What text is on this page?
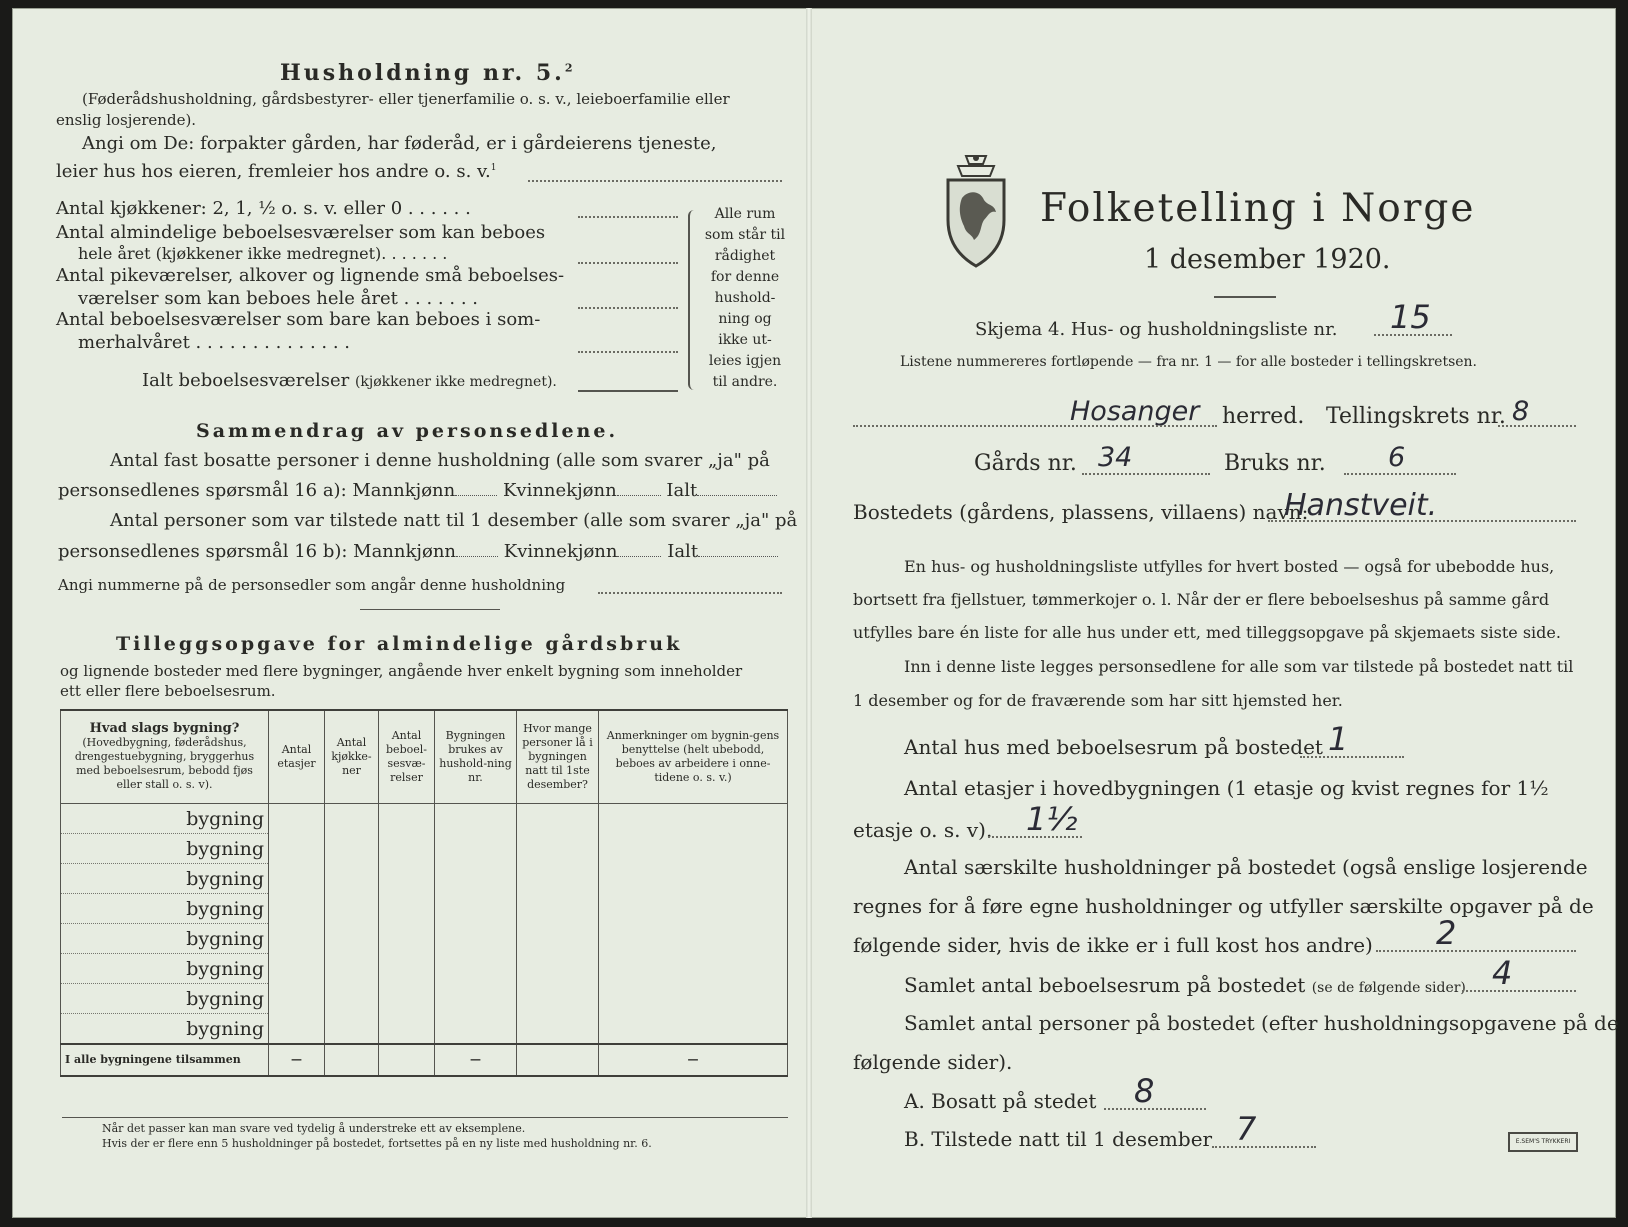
Husholdning nr. 5.$^2$
(Føderådshusholdning, gårdsbestyrer- eller tjenerfamilie o. s. v., leieboerfamilie eller
enslig losjerende).
Angi om De: forpakter gården, har føderåd, er i gårdeierens tjeneste,
leier hus hos eieren, fremleier hos andre o. s. v.$^1$
Antal kjøkkener: 2, 1, ½ o. s. v. eller 0 . . . . . .
Antal almindelige beboelsesværelser som kan beboes
hele året (kjøkkener ikke medregnet). . . . . . .
Antal pikeværelser, alkover og lignende små beboelses-
værelser som kan beboes hele året . . . . . . .
Antal beboelsesværelser som bare kan beboes i som-
merhalvåret . . . . . . . . . . . . . .
Ialt beboelsesværelser (kjøkkener ikke medregnet).
Alle rum
som står til
rådighet
for denne
hushold-
ning og
ikke ut-
leies igjen
til andre.
Sammendrag av personsedlene.
Antal fast bosatte personer i denne husholdning (alle som svarer „ja" på
personsedlenes spørsmål 16 a): Mannkjønn	Kvinnekjønn	Ialt
Antal personer som var tilstede natt til 1 desember (alle som svarer „ja" på
personsedlenes spørsmål 16 b): Mannkjønn	Kvinnekjønn	Ialt
Angi nummerne på de personsedler som angår denne husholdning
Tilleggsopgave for almindelige gårdsbruk
og lignende bosteder med flere bygninger, angående hver enkelt bygning som inneholder
ett eller flere beboelsesrum.
Hvad slags bygning?
(Hovedbygning, føderådshus, drengestuebygning, bryggerhus med beboelsesrum, bebodd fjøs eller stall o. s. v).	Antal etasjer	Antal kjøkke-ner	Antal beboel-sesvæ-relser	Bygningen brukes av hushold-ning nr.	Hvor mange personer lå i bygningen natt til 1ste desember?	Anmerkninger om bygnin-gens benyttelse (helt ubebodd, beboes av arbeidere i onne-tidene o. s. v.)
bygning						
bygning						
bygning						
bygning						
bygning						
bygning						
bygning						
bygning						
I alle bygningene tilsammen	—			—		—
Når det passer kan man svare ved tydelig å understreke ett av eksemplene.
Hvis der er flere enn 5 husholdninger på bostedet, fortsettes på en ny liste med husholdning nr. 6.
Folketelling i Norge
1 desember 1920.
Skjema 4. Hus- og husholdningsliste nr. 15
Listene nummereres fortløpende — fra nr. 1 — for alle bosteder i tellingskretsen.
Hosanger herred. Tellingskrets nr. 8
Gårds nr. 34	Bruks nr. 6
Bostedets (gårdens, plassens, villaens) navn:
Hanstveit.
En hus- og husholdningsliste utfylles for hvert bosted — også for ubebodde hus,
bortsett fra fjellstuer, tømmerkojer o. l. Når der er flere beboelseshus på samme gård
utfylles bare én liste for alle hus under ett, med tilleggsopgave på skjemaets siste side.
Inn i denne liste legges personsedlene for alle som var tilstede på bostedet natt til
1 desember og for de fraværende som har sitt hjemsted her.
Antal hus med beboelsesrum på bostedet 1
Antal etasjer i hovedbygningen (1 etasje og kvist regnes for 1½
etasje o. s. v). 1½
Antal særskilte husholdninger på bostedet (også enslige losjerende
regnes for å føre egne husholdninger og utfyller særskilte opgaver på de
følgende sider, hvis de ikke er i full kost hos andre) 2
Samlet antal beboelsesrum på bostedet (se de følgende sider) 4
Samlet antal personer på bostedet (efter husholdningsopgavene på de
følgende sider).
A. Bosatt på stedet 8
B. Tilstede natt til 1 desember 7	E.SEM'S TRYKKERI
